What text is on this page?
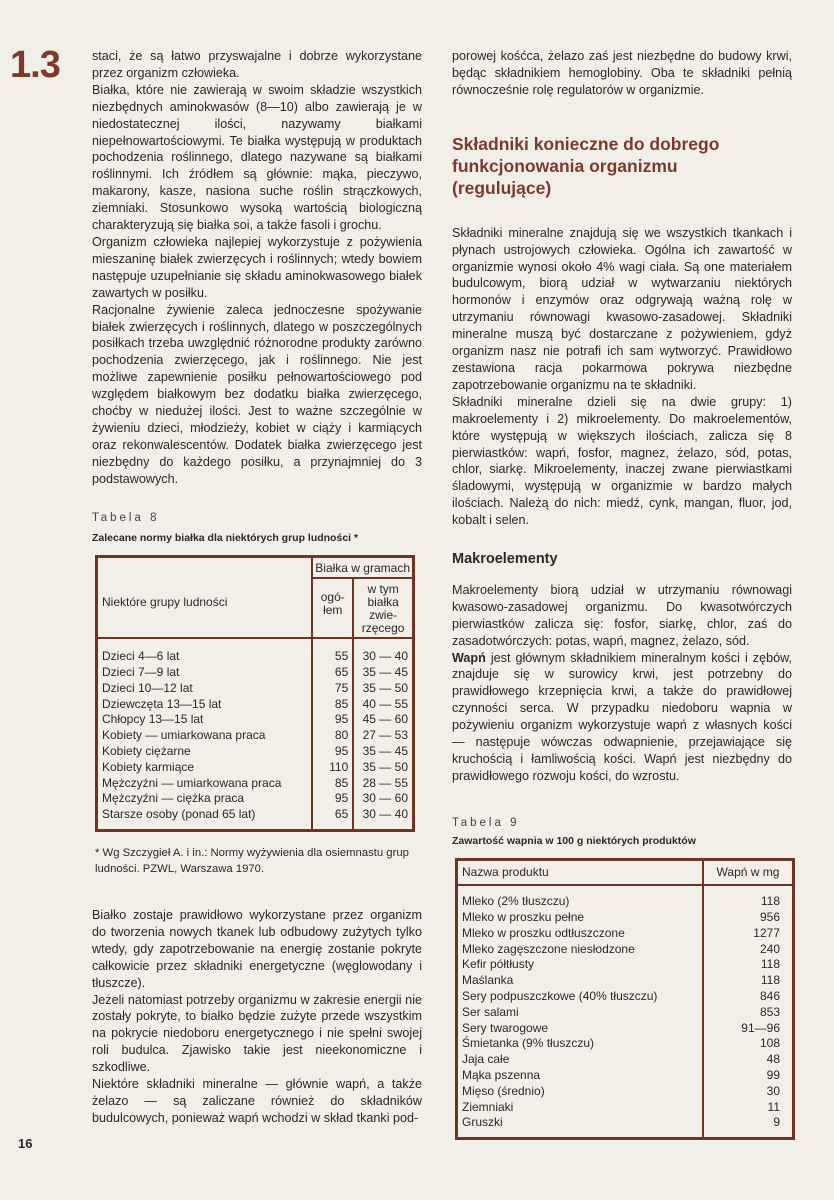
1.3	staci, że są łatwo przyswajalne i dobrze wykorzystane przez organizm człowieka.

Białka, które nie zawierają w swoim składzie wszystkich niezbędnych aminokwasów (8—10) albo zawierają je w niedostatecznej ilości, nazywamy białkami niepełnowartościowymi. Te białka występują w produktach pochodzenia roślinnego, dlatego nazywane są białkami roślinnymi. Ich źródłem są głównie: mąka, pieczywo, makarony, kasze, nasiona suche roślin strączkowych, ziemniaki. Stosunkowo wysoką wartością biologiczną charakteryzują się białka soi, a także fasoli i grochu.

Organizm człowieka najlepiej wykorzystuje z pożywienia mieszaninę białek zwierzęcych i roślinnych; wtedy bowiem następuje uzupełnianie się składu aminokwasowego białek zawartych w posiłku.

Racjonalne żywienie zaleca jednoczesne spożywanie białek zwierzęcych i roślinnych, dlatego w poszczególnych posiłkach trzeba uwzględnić różnorodne produkty zarówno pochodzenia zwierzęcego, jak i roślinnego. Nie jest możliwe zapewnienie posiłku pełnowartościowego pod względem białkowym bez dodatku białka zwierzęcego, choćby w niedużej ilości. Jest to ważne szczególnie w żywieniu dzieci, młodzieży, kobiet w ciąży i karmiących oraz rekonwalescentów. Dodatek białka zwierzęcego jest niezbędny do każdego posiłku, a przynajmniej do 3 podstawowych.

Tabela 8
Zalecane normy białka dla niektórych grup ludności *
Niektóre grupy ludności	Białka w gramach	
	ogó-łem	w tym białka zwie-rzęcego

Dzieci 4—6 lat	55	30 — 40
Dzieci 7—9 lat	65	35 — 45
Dzieci 10—12 lat	75	35 — 50
Dziewczęta 13—15 lat	85	40 — 55
Chłopcy 13—15 lat	95	45 — 60
Kobiety — umiarkowana praca	80	27 — 53
Kobiety ciężarne	95	35 — 45
Kobiety karmiące	110	35 — 50
Mężczyźni — umiarkowana praca	85	28 — 55
Mężczyźni — ciężka praca	95	30 — 60
Starsze osoby (ponad 65 lat)	65	30 — 40

* Wg Szczygieł A. i in.: Normy wyżywienia dla osiemnastu grup ludności. PZWL, Warszawa 1970.

Białko zostaje prawidłowo wykorzystane przez organizm do tworzenia nowych tkanek lub odbudowy zużytych tylko wtedy, gdy zapotrzebowanie na energię zostanie pokryte całkowicie przez składniki energetyczne (węglowodany i tłuszcze).

Jeżeli natomiast potrzeby organizmu w zakresie energii nie zostały pokryte, to białko będzie zużyte przede wszystkim na pokrycie niedoboru energetycznego i nie spełni swojej roli budulca. Zjawisko takie jest nieekonomiczne i szkodliwe.

Niektóre składniki mineralne — głównie wapń, a także żelazo — są zaliczane również do składników budulcowych, ponieważ wapń wchodzi w skład tkanki pod-

porowej kośćca, żelazo zaś jest niezbędne do budowy krwi, będąc składnikiem hemoglobiny. Oba te składniki pełnią równocześnie rolę regulatorów w organizmie.

Składniki konieczne do dobrego funkcjonowania organizmu (regulujące)

Składniki mineralne znajdują się we wszystkich tkankach i płynach ustrojowych człowieka. Ogólna ich zawartość w organizmie wynosi około 4% wagi ciała. Są one materiałem budulcowym, biorą udział w wytwarzaniu niektórych hormonów i enzymów oraz odgrywają ważną rolę w utrzymaniu równowagi kwasowo-zasadowej. Składniki mineralne muszą być dostarczane z pożywieniem, gdyż organizm nasz nie potrafi ich sam wytworzyć. Prawidłowo zestawiona racja pokarmowa pokrywa niezbędne zapotrzebowanie organizmu na te składniki.

Składniki mineralne dzieli się na dwie grupy: 1) makroelementy i 2) mikroelementy. Do makroelementów, które występują w większych ilościach, zalicza się 8 pierwiastków: wapń, fosfor, magnez, żelazo, sód, potas, chlor, siarkę. Mikroelementy, inaczej zwane pierwiastkami śladowymi, występują w organizmie w bardzo małych ilościach. Należą do nich: miedź, cynk, mangan, fluor, jod, kobalt i selen.

Makroelementy

Makroelementy biorą udział w utrzymaniu równowagi kwasowo-zasadowej organizmu. Do kwasotwórczych pierwiastków zalicza się: fosfor, siarkę, chlor, zaś do zasadotwórczych: potas, wapń, magnez, żelazo, sód.

Wapń jest głównym składnikiem mineralnym kości i zębów, znajduje się w surowicy krwi, jest potrzebny do prawidłowego krzepnięcia krwi, a także do prawidłowej czynności serca. W przypadku niedoboru wapnia w pożywieniu organizm wykorzystuje wapń z własnych kości — następuje wówczas odwapnienie, przejawiające się kruchością i łamliwością kości. Wapń jest niezbędny do prawidłowego rozwoju kości, do wzrostu.

Tabela 9
Zawartość wapnia w 100 g niektórych produktów
Nazwa produktu	Wapń w mg

Mleko (2% tłuszczu)	118
Mleko w proszku pełne	956
Mleko w proszku odtłuszczone	1277
Mleko zagęszczone niesłodzone	240
Kefir półtłusty	118
Maślanka	118
Sery podpuszczkowe (40% tłuszczu)	846
Ser salami	853
Sery twarogowe	91—96
Śmietanka (9% tłuszczu)	108
Jaja całe	48
Mąka pszenna	99
Mięso (średnio)	30
Ziemniaki	11
Gruszki	9

16
